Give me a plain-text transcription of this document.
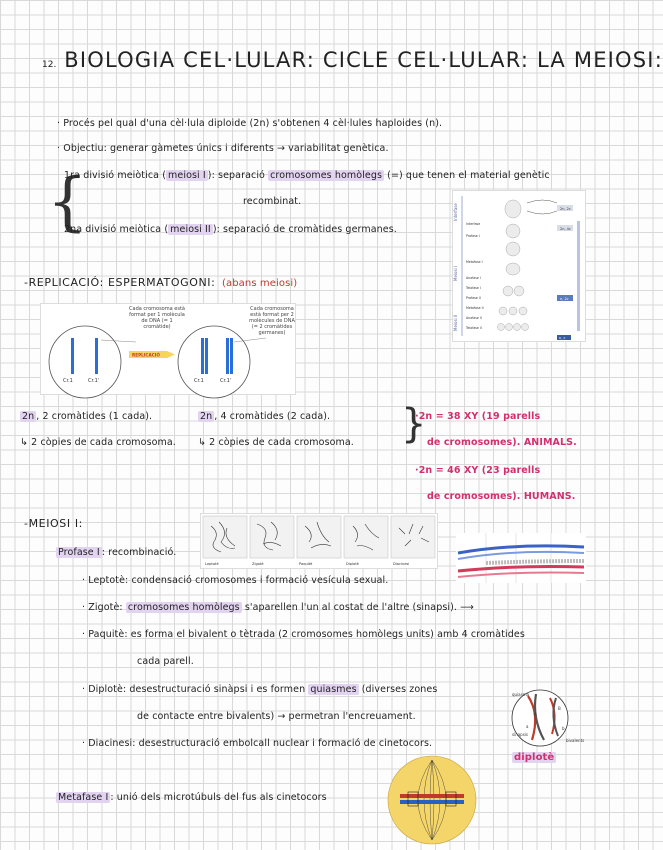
12. BIOLOGIA CEL·LULAR: CICLE CEL·LULAR: LA MEIOSI:
· Procés pel qual d'una cèl·lula diploide (2n) s'obtenen 4 cèl·lules haploides (n).
· Objectiu: generar gàmetes únics i diferents → variabilitat genètica.
{
1ra divisió meiòtica ( meiosi I ): separació cromosomes homòlegs (=) que tenen el material genètic
recombinat.
2na divisió meiòtica ( meiosi II ): separació de cromàtides germanes.
Interfase
Meiosi I
Meiosi II
Interfase
Profase I
Metafase I
Anafase I
Telofase I
Profase II
Metafase II
Anafase II
Telofase II
2n, 2c
2n, 4c
n, 2c
n, c
-REPLICACIÓ: ESPERMATOGONI: (abans meiosi)
REPLICACIÓ
Cr.1	Cr.1'	Cr.1	Cr.1'
Cada cromosoma està format per 1 molècula de DNA (= 1 cromàtide)
Cada cromosoma està format per 2 molècules de DNA (= 2 cromàtides germanes)
2n , 2 cromàtides (1 cada).	2n , 4 cromàtides (2 cada).
↳ 2 còpies de cada cromosoma. ↳ 2 còpies de cada cromosoma. }
·2n = 38 XY (19 parells
de cromosomes). ANIMALS.
·2n = 46 XY (23 parells
de cromosomes). HUMANS.
-MEIOSI I:
Leptotè	Zigotè	Paquitè	Diplotè	Diacinesi
Profase I : recombinació.
· Leptotè: condensació cromosomes i formació vesícula sexual.
· Zigotè: cromosomes homòlegs s'aparellen l'un al costat de l'altre (sinapsi). ⟶
· Paquitè: es forma el bivalent o tètrada (2 cromosomes homòlegs units) amb 4 cromàtides
cada parell.
· Diplotè: desestructuració sinàpsi i es formen quiasmes (diverses zones
de contacte entre bivalents) → permetran l'encreuament.
· Diacinesi: desestructuració embolcall nuclear i formació de cinetocors.
quiasma
A
B
a	b
bivalents
sinapsis
diplotè
Metafase I : unió dels microtúbuls del fus als cinetocors
